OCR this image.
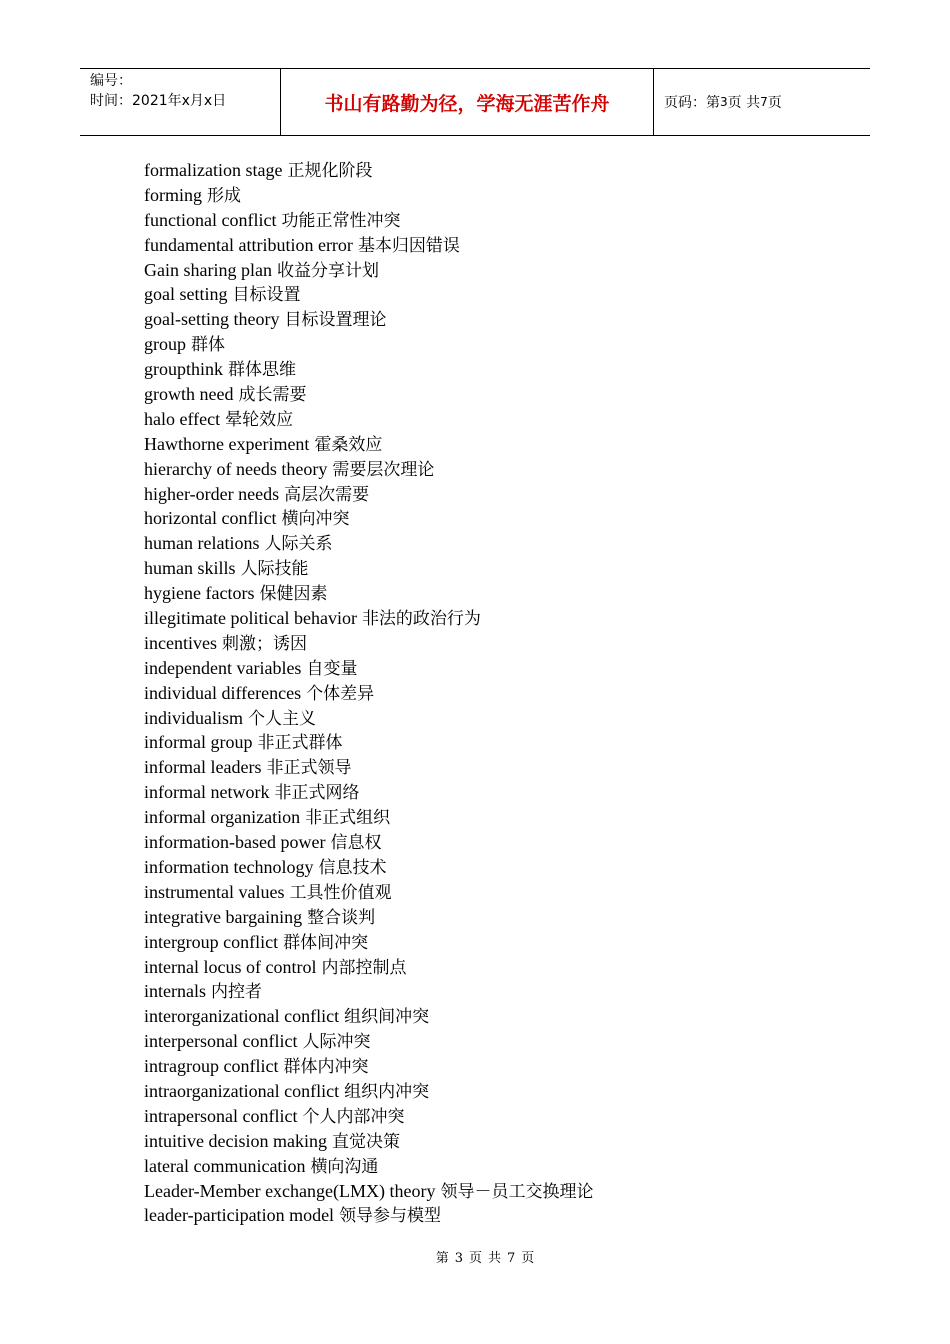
编号：
时间：2021年x月x日	书山有路勤为径，学海无涯苦作舟	页码：第 3 页 共 7 页
formalization stage 正规化阶段
forming 形成
functional conflict 功能正常性冲突
fundamental attribution error 基本归因错误
Gain sharing plan 收益分享计划
goal setting 目标设置
goal-setting theory 目标设置理论
group 群体
groupthink 群体思维
growth need 成长需要
halo effect 晕轮效应
Hawthorne experiment 霍桑效应
hierarchy of needs theory 需要层次理论
higher-order needs 高层次需要
horizontal conflict 横向冲突
human relations 人际关系
human skills 人际技能
hygiene factors 保健因素
illegitimate political behavior 非法的政治行为
incentives 刺激；诱因
independent variables 自变量
individual differences 个体差异
individualism 个人主义
informal group 非正式群体
informal leaders 非正式领导
informal network 非正式网络
informal organization 非正式组织
information-based power 信息权
information technology 信息技术
instrumental values 工具性价值观
integrative bargaining 整合谈判
intergroup conflict 群体间冲突
internal locus of control 内部控制点
internals 内控者
interorganizational conflict 组织间冲突
interpersonal conflict 人际冲突
intragroup conflict 群体内冲突
intraorganizational conflict 组织内冲突
intrapersonal conflict 个人内部冲突
intuitive decision making 直觉决策
lateral communication 横向沟通
Leader-Member exchange(LMX) theory 领导－员工交换理论
leader-participation model 领导参与模型
第 3 页 共 7 页
